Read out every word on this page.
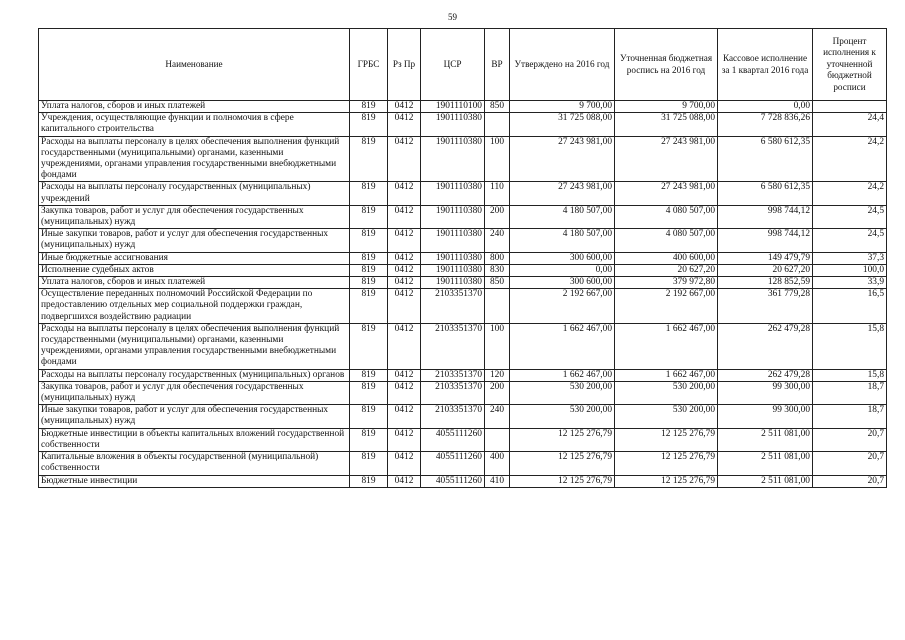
59
Наименование	ГРБС	Рз Пр	ЦСР	ВР	Утверждено на 2016 год	Уточненная бюджетная роспись на 2016 год	Кассовое исполнение за 1 квартал 2016 года	Процент исполнения к уточненной бюджетной росписи
Уплата налогов, сборов и иных платежей	819	0412	1901110100	850	9 700,00	9 700,00	0,00	
Учреждения, осуществляющие функции и полномочия в сфере капитального строительства	819	0412	1901110380		31 725 088,00	31 725 088,00	7 728 836,26	24,4
Расходы на выплаты персоналу в целях обеспечения выполнения функций государственными (муниципальными) органами, казенными учреждениями, органами управления государственными внебюджетными фондами	819	0412	1901110380	100	27 243 981,00	27 243 981,00	6 580 612,35	24,2
Расходы на выплаты персоналу государственных (муниципальных) учреждений	819	0412	1901110380	110	27 243 981,00	27 243 981,00	6 580 612,35	24,2
Закупка товаров, работ и услуг для обеспечения государственных (муниципальных) нужд	819	0412	1901110380	200	4 180 507,00	4 080 507,00	998 744,12	24,5
Иные закупки товаров, работ и услуг для обеспечения государственных (муниципальных) нужд	819	0412	1901110380	240	4 180 507,00	4 080 507,00	998 744,12	24,5
Иные бюджетные ассигнования	819	0412	1901110380	800	300 600,00	400 600,00	149 479,79	37,3
Исполнение судебных актов	819	0412	1901110380	830	0,00	20 627,20	20 627,20	100,0
Уплата налогов, сборов и иных платежей	819	0412	1901110380	850	300 600,00	379 972,80	128 852,59	33,9
Осуществление переданных полномочий Российской Федерации по предоставлению отдельных мер социальной поддержки граждан, подвергшихся воздействию радиации	819	0412	2103351370		2 192 667,00	2 192 667,00	361 779,28	16,5
Расходы на выплаты персоналу в целях обеспечения выполнения функций государственными (муниципальными) органами, казенными учреждениями, органами управления государственными внебюджетными фондами	819	0412	2103351370	100	1 662 467,00	1 662 467,00	262 479,28	15,8
Расходы на выплаты персоналу государственных (муниципальных) органов	819	0412	2103351370	120	1 662 467,00	1 662 467,00	262 479,28	15,8
Закупка товаров, работ и услуг для обеспечения государственных (муниципальных) нужд	819	0412	2103351370	200	530 200,00	530 200,00	99 300,00	18,7
Иные закупки товаров, работ и услуг для обеспечения государственных (муниципальных) нужд	819	0412	2103351370	240	530 200,00	530 200,00	99 300,00	18,7
Бюджетные инвестиции в объекты капитальных вложений государственной собственности	819	0412	4055111260		12 125 276,79	12 125 276,79	2 511 081,00	20,7
Капитальные вложения в объекты государственной (муниципальной) собственности	819	0412	4055111260	400	12 125 276,79	12 125 276,79	2 511 081,00	20,7
Бюджетные инвестиции	819	0412	4055111260	410	12 125 276,79	12 125 276,79	2 511 081,00	20,7
